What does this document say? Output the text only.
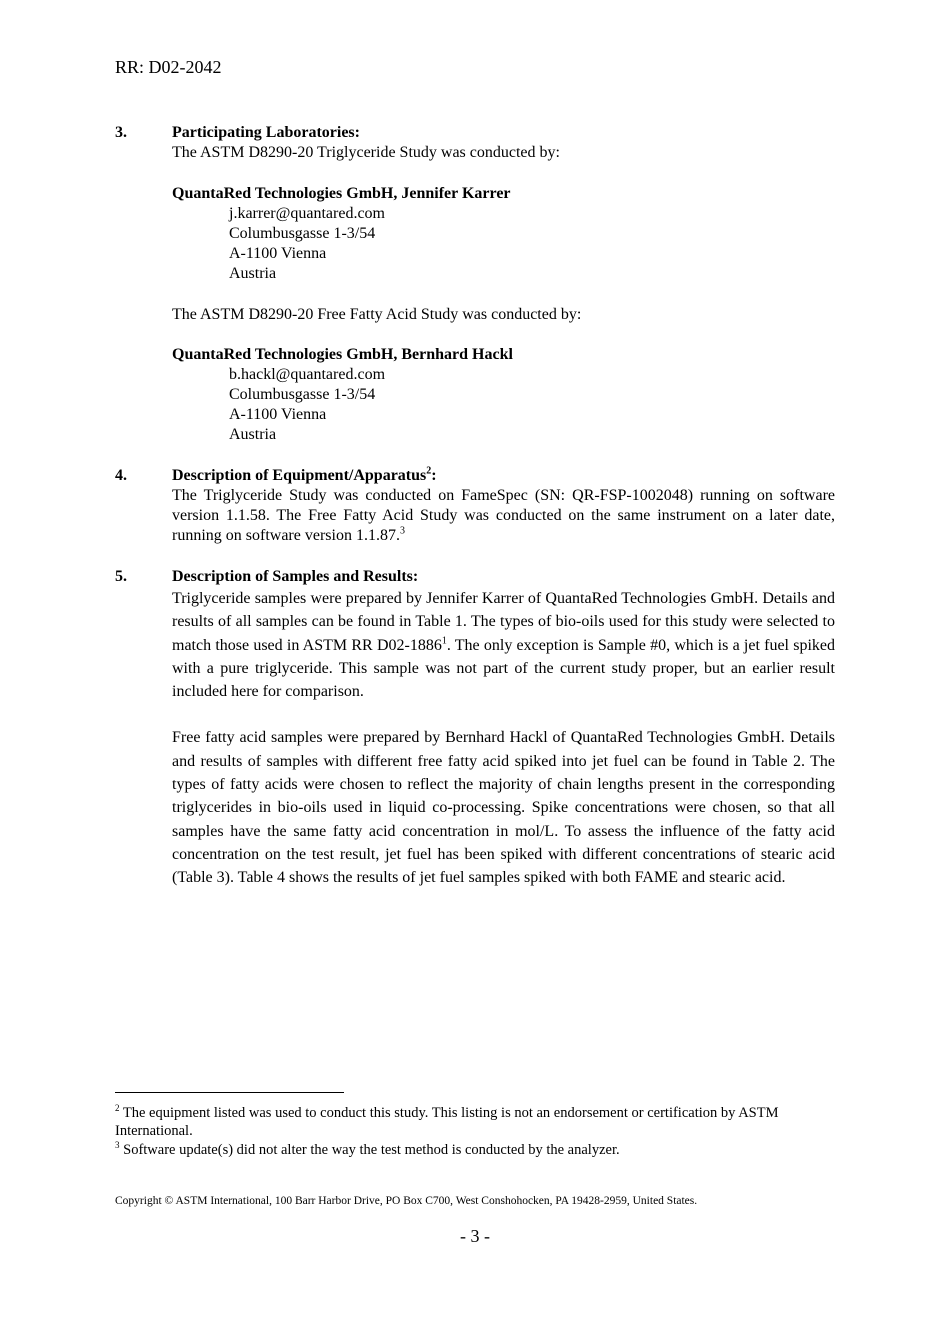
RR: D02-2042
3.	Participating Laboratories:
The ASTM D8290-20 Triglyceride Study was conducted by:
QuantaRed Technologies GmbH, Jennifer Karrer
j.karrer@quantared.com
Columbusgasse 1-3/54
A-1100 Vienna
Austria
The ASTM D8290-20 Free Fatty Acid Study was conducted by:
QuantaRed Technologies GmbH, Bernhard Hackl
b.hackl@quantared.com
Columbusgasse 1-3/54
A-1100 Vienna
Austria
4.	Description of Equipment/Apparatus$^2$:
The Triglyceride Study was conducted on FameSpec (SN: QR-FSP-1002048) running on software version 1.1.58. The Free Fatty Acid Study was conducted on the same instrument on a later date, running on software version 1.1.87.$^3$
5.	Description of Samples and Results:
Triglyceride samples were prepared by Jennifer Karrer of QuantaRed Technologies GmbH. Details and results of all samples can be found in Table 1. The types of bio-oils used for this study were selected to match those used in ASTM RR D02-1886$^1$. The only exception is Sample #0, which is a jet fuel spiked with a pure triglyceride. This sample was not part of the current study proper, but an earlier result included here for comparison.
Free fatty acid samples were prepared by Bernhard Hackl of QuantaRed Technologies GmbH. Details and results of samples with different free fatty acid spiked into jet fuel can be found in Table 2. The types of fatty acids were chosen to reflect the majority of chain lengths present in the corresponding triglycerides in bio-oils used in liquid co-processing. Spike concentrations were chosen, so that all samples have the same fatty acid concentration in mol/L. To assess the influence of the fatty acid concentration on the test result, jet fuel has been spiked with different concentrations of stearic acid (Table 3). Table 4 shows the results of jet fuel samples spiked with both FAME and stearic acid.
$^2$ The equipment listed was used to conduct this study. This listing is not an endorsement or certification by ASTM International.
$^3$ Software update(s) did not alter the way the test method is conducted by the analyzer.
Copyright © ASTM International, 100 Barr Harbor Drive, PO Box C700, West Conshohocken, PA 19428-2959, United States.
- 3 -
